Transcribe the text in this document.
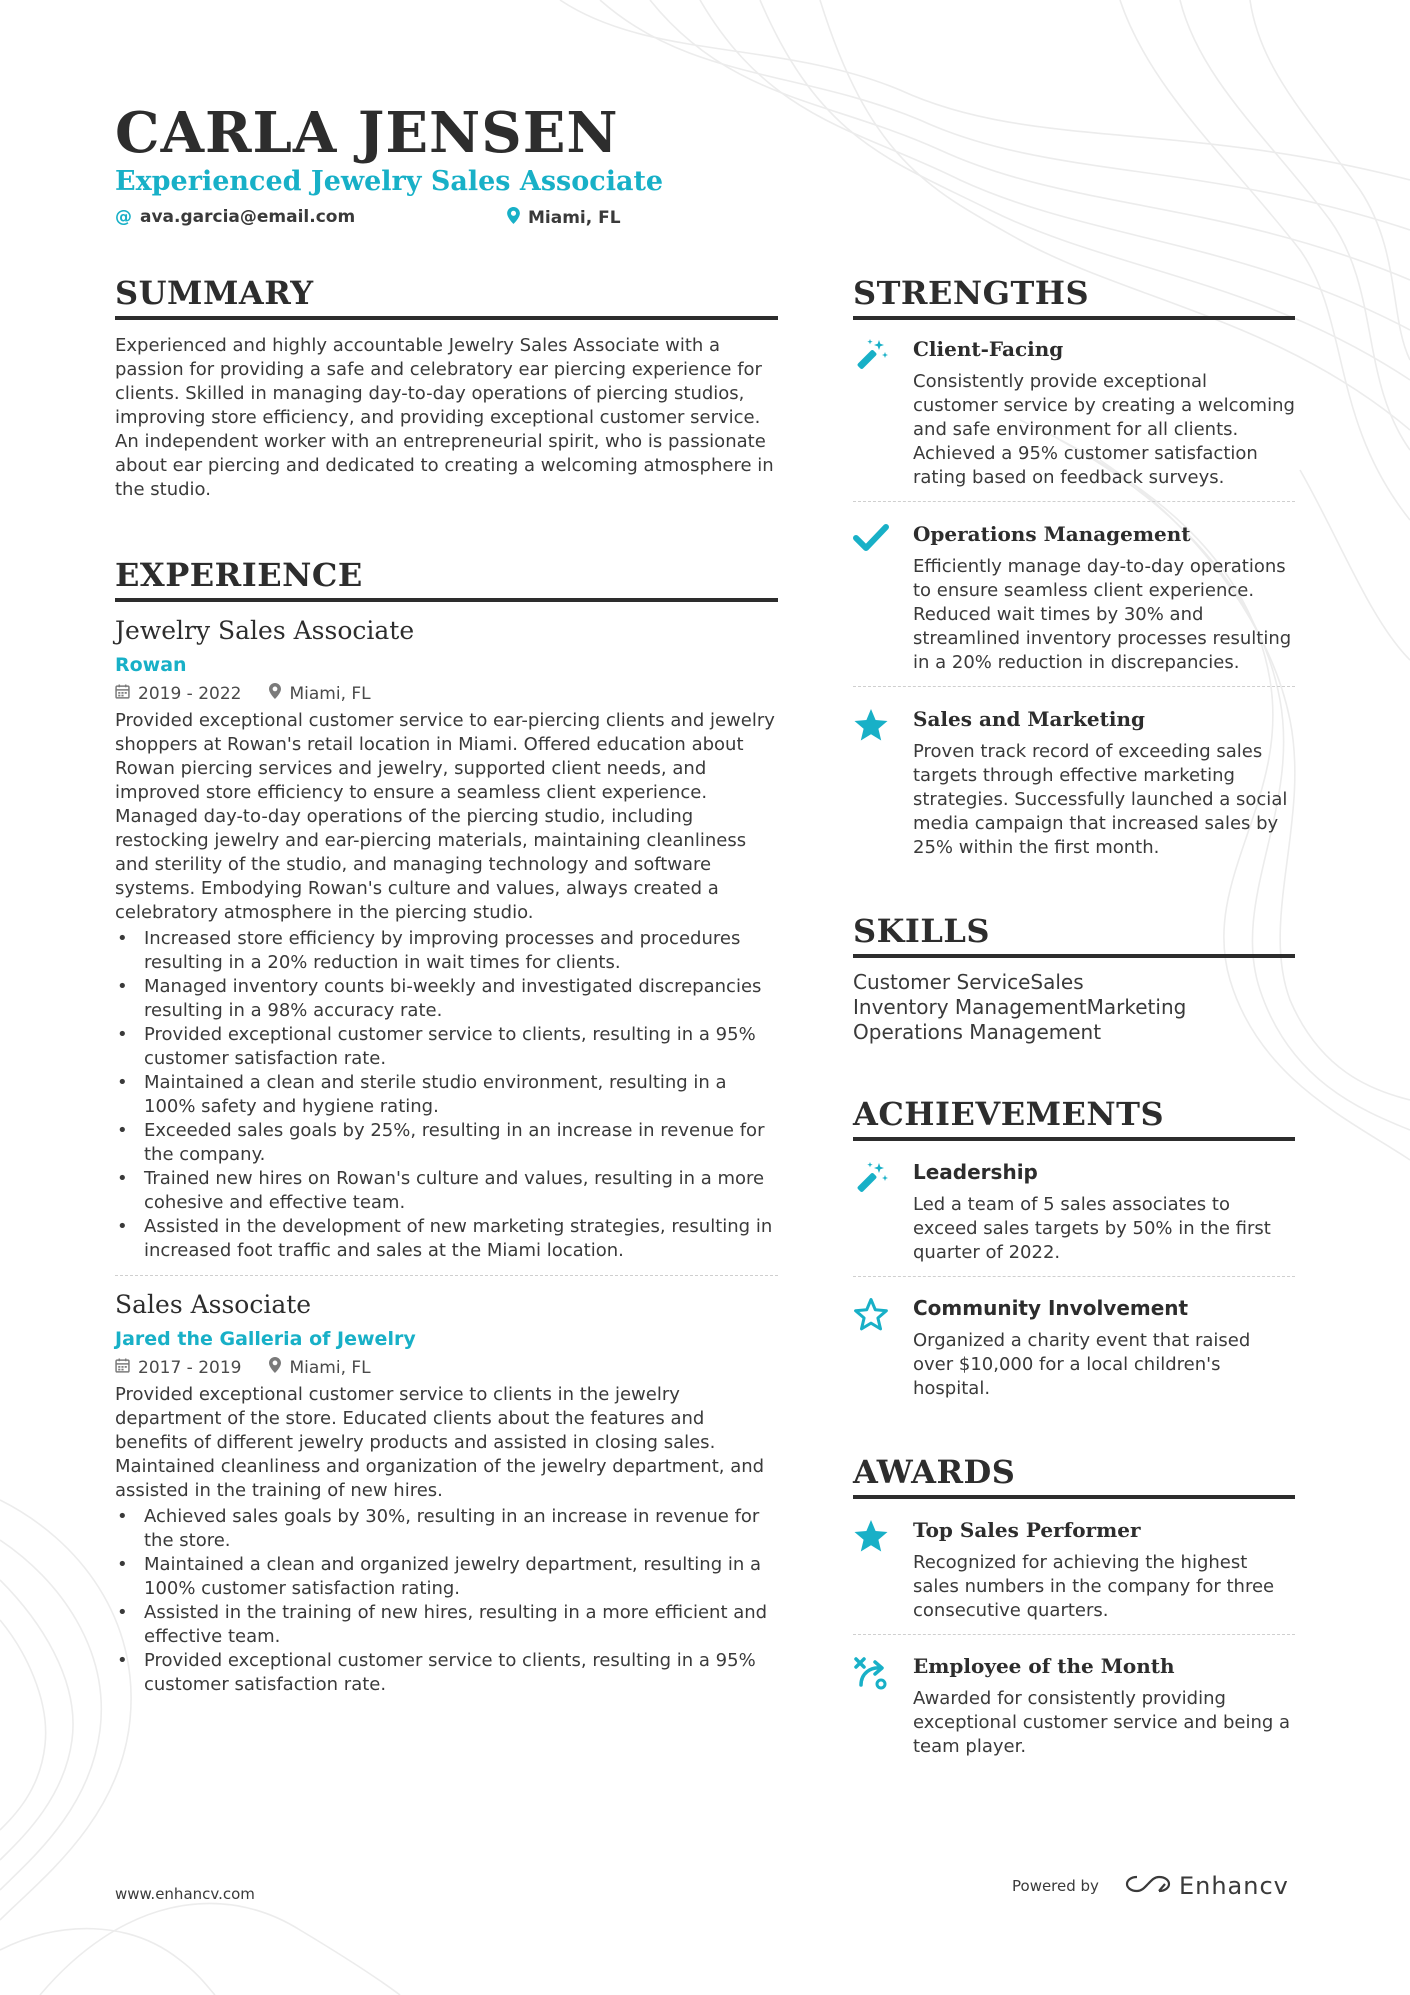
CARLA JENSEN
Experienced Jewelry Sales Associate
@ ava.garcia@email.com	Miami, FL
SUMMARY

Experienced and highly accountable Jewelry Sales Associate with a passion for providing a safe and celebratory ear piercing experience for clients. Skilled in managing day-to-day operations of piercing studios, improving store efficiency, and providing exceptional customer service. An independent worker with an entrepreneurial spirit, who is passionate about ear piercing and dedicated to creating a welcoming atmosphere in the studio.

EXPERIENCE
Jewelry Sales Associate
Rowan
2019 - 2022	Miami, FL

Provided exceptional customer service to ear-piercing clients and jewelry shoppers at Rowan's retail location in Miami. Offered education about Rowan piercing services and jewelry, supported client needs, and improved store efficiency to ensure a seamless client experience. Managed day-to-day operations of the piercing studio, including restocking jewelry and ear-piercing materials, maintaining cleanliness and sterility of the studio, and managing technology and software systems. Embodying Rowan's culture and values, always created a celebratory atmosphere in the piercing studio.

• Increased store efficiency by improving processes and procedures resulting in a 20% reduction in wait times for clients.
• Managed inventory counts bi-weekly and investigated discrepancies resulting in a 98% accuracy rate.
• Provided exceptional customer service to clients, resulting in a 95% customer satisfaction rate.
• Maintained a clean and sterile studio environment, resulting in a 100% safety and hygiene rating.
• Exceeded sales goals by 25%, resulting in an increase in revenue for the company.
• Trained new hires on Rowan's culture and values, resulting in a more cohesive and effective team.
• Assisted in the development of new marketing strategies, resulting in increased foot traffic and sales at the Miami location.
Sales Associate
Jared the Galleria of Jewelry
2017 - 2019	Miami, FL

Provided exceptional customer service to clients in the jewelry department of the store. Educated clients about the features and benefits of different jewelry products and assisted in closing sales. Maintained cleanliness and organization of the jewelry department, and assisted in the training of new hires.

• Achieved sales goals by 30%, resulting in an increase in revenue for the store.
• Maintained a clean and organized jewelry department, resulting in a 100% customer satisfaction rating.
• Assisted in the training of new hires, resulting in a more efficient and effective team.
• Provided exceptional customer service to clients, resulting in a 95% customer satisfaction rate.
STRENGTHS
Client-Facing
Consistently provide exceptional customer service by creating a welcoming and safe environment for all clients. Achieved a 95% customer satisfaction rating based on feedback surveys.
Operations Management
Efficiently manage day-to-day operations to ensure seamless client experience. Reduced wait times by 30% and streamlined inventory processes resulting in a 20% reduction in discrepancies.
Sales and Marketing
Proven track record of exceeding sales targets through effective marketing strategies. Successfully launched a social media campaign that increased sales by 25% within the first month.
SKILLS
Customer ServiceSales
Inventory ManagementMarketing
Operations Management
ACHIEVEMENTS
Leadership
Led a team of 5 sales associates to exceed sales targets by 50% in the first quarter of 2022.
Community Involvement
Organized a charity event that raised over $10,000 for a local children's hospital.
AWARDS
Top Sales Performer
Recognized for achieving the highest sales numbers in the company for three consecutive quarters.
Employee of the Month
Awarded for consistently providing exceptional customer service and being a team player.
www.enhancv.com	Powered by	Enhancv
